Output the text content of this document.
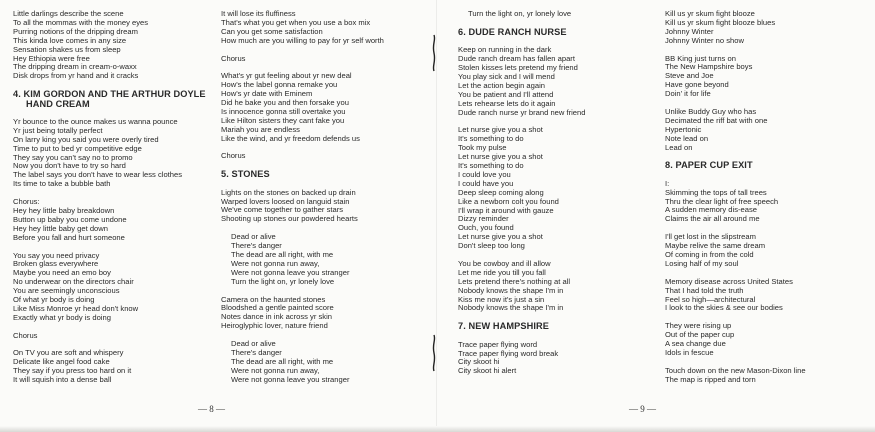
Little darlings describe the scene
To all the mommas with the money eyes
Purring notions of the dripping dream
This kinda love comes in any size
Sensation shakes us from sleep
Hey Ethiopia were free
The dripping dream in cream-o-waxx
Disk drops from yr hand and it cracks
4. KIM GORDON AND THE ARTHUR DOYLE
HAND CREAM
Yr bounce to the ounce makes us wanna pounce
Yr just being totally perfect
On larry king you said you were overly tired
Time to put to bed yr competitive edge
They say you can't say no to promo
Now you don't have to try so hard
The label says you don't have to wear less clothes
Its time to take a bubble bath
Chorus:
Hey hey little baby breakdown
Button up baby you come undone
Hey hey little baby get down
Before you fall and hurt someone
You say you need privacy
Broken glass everywhere
Maybe you need an emo boy
No underwear on the directors chair
You are seemingly unconscious
Of what yr body is doing
Like Miss Monroe yr head don't know
Exactly what yr body is doing
Chorus
On TV you are soft and whispery
Delicate like angel food cake
They say if you press too hard on it
It will squish into a dense ball
It will lose its fluffiness
That's what you get when you use a box mix
Can you get some satisfaction
How much are you willing to pay for yr self worth
Chorus
What's yr gut feeling about yr new deal
How's the label gonna remake you
How's yr date with Eminem
Did he bake you and then forsake you
Is innocence gonna still overtake you
Like Hilton sisters they cant fake you
Mariah you are endless
Like the wind, and yr freedom defends us
Chorus
5. STONES
Lights on the stones on backed up drain
Warped lovers loosed on languid stain
We've come together to gather stars
Shooting up stones our powdered hearts
Dead or alive
There's danger
The dead are all right, with me
Were not gonna run away,
Were not gonna leave you stranger
Turn the light on, yr lonely love
Camera on the haunted stones
Bloodshed a gentle painted score
Notes dance in ink across yr skin
Heiroglyphic lover, nature friend
Dead or alive
There's danger
The dead are all right, with me
Were not gonna run away,
Were not gonna leave you stranger
— 8 —
Turn the light on, yr lonely love
6. DUDE RANCH NURSE
Keep on running in the dark
Dude ranch dream has fallen apart
Stolen kisses lets pretend my friend
You play sick and I will mend
Let the action begin again
You be patient and I'll attend
Lets rehearse lets do it again
Dude ranch nurse yr brand new friend
Let nurse give you a shot
It's something to do
Took my pulse
Let nurse give you a shot
It's something to do
I could love you
I could have you
Deep sleep coming along
Like a newborn colt you found
I'll wrap it around with gauze
Dizzy reminder
Ouch, you found
Let nurse give you a shot
Don't sleep too long
You be cowboy and ill allow
Let me ride you till you fall
Lets pretend there's nothing at all
Nobody knows the shape I'm in
Kiss me now it's just a sin
Nobody knows the shape I'm in
7. NEW HAMPSHIRE
Trace paper flying word
Trace paper flying word break
City skoot hi
City skoot hi alert
Kill us yr skum fight blooze
Kill us yr skum fight blooze blues
Johnny Winter
Johnny Winter no show
BB King just turns on
The New Hampshire boys
Steve and Joe
Have gone beyond
Doin' it for life
Unlike Buddy Guy who has
Decimated the riff bat with one
Hypertonic
Note lead on
Lead on
8. PAPER CUP EXIT
I:
Skimming the tops of tall trees
Thru the clear light of free speech
A sudden memory dis-ease
Claims the air all around me
I'll get lost in the slipstream
Maybe relive the same dream
Of coming in from the cold
Losing half of my soul
Memory disease across United States
That I had told the truth
Feel so high—architectural
I look to the skies & see our bodies
They were rising up
Out of the paper cup
A sea change due
Idols in fescue
Touch down on the new Mason-Dixon line
The map is ripped and torn
— 9 —
